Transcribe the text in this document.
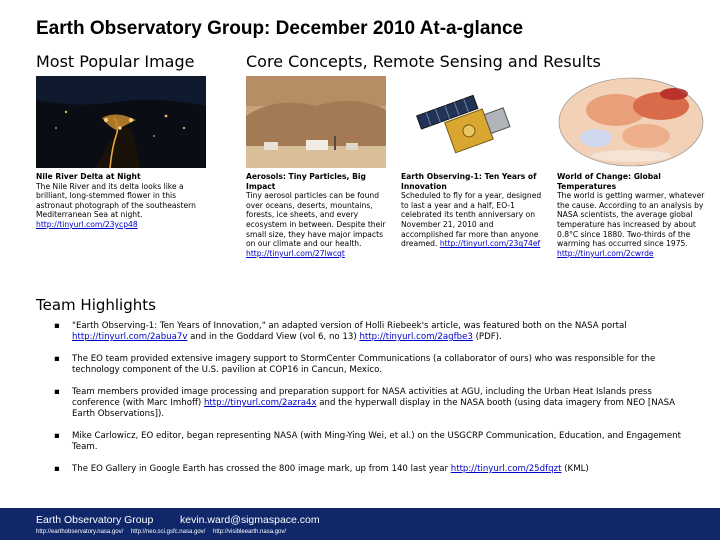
Earth Observatory Group: December 2010 At-a-glance
Most Popular Image
Nile River Delta at Night
The Nile River and its delta looks like a brilliant, long-stemmed flower in this astronaut photograph of the southeastern Mediterranean Sea at night. http://tinyurl.com/23ycp48
Core Concepts, Remote Sensing and Results
Aerosols: Tiny Particles, Big Impact
Tiny aerosol particles can be found over oceans, deserts, mountains, forests, ice sheets, and every ecosystem in between. Despite their small size, they have major impacts on our climate and our health. http://tinyurl.com/27lwcqt
Earth Observing-1: Ten Years of Innovation
Scheduled to fly for a year, designed to last a year and a half, EO-1 celebrated its tenth anniversary on November 21, 2010 and accomplished far more than anyone dreamed. http://tinyurl.com/23q74ef
World of Change: Global Temperatures
The world is getting warmer, whatever the cause. According to an analysis by NASA scientists, the average global temperature has increased by about 0.8°C since 1880. Two-thirds of the warming has occurred since 1975. http://tinyurl.com/2cwrde
Team Highlights
▪ "Earth Observing-1: Ten Years of Innovation," an adapted version of Holli Riebeek's article, was featured both on the NASA portal http://tinyurl.com/2abua7v and in the Goddard View (vol 6, no 13) http://tinyurl.com/2agfbe3 (PDF).
▪ The EO team provided extensive imagery support to StormCenter Communications (a collaborator of ours) who was responsible for the technology component of the U.S. pavilion at COP16 in Cancun, Mexico.
▪ Team members provided image processing and preparation support for NASA activities at AGU, including the Urban Heat Islands press conference (with Marc Imhoff) http://tinyurl.com/2azra4x and the hyperwall display in the NASA booth (using data imagery from NEO [NASA Earth Observations]).
▪ Mike Carlowicz, EO editor, began representing NASA (with Ming-Ying Wei, et al.) on the USGCRP Communication, Education, and Engagement Team.
▪ The EO Gallery in Google Earth has crossed the 800 image mark, up from 140 last year http://tinyurl.com/25dfqzt (KML)
Earth Observatory Group	kevin.ward@sigmaspace.com
http://earthobservatory.nasa.gov/ http://neo.sci.gsfc.nasa.gov/ http://visibleearth.nasa.gov/
